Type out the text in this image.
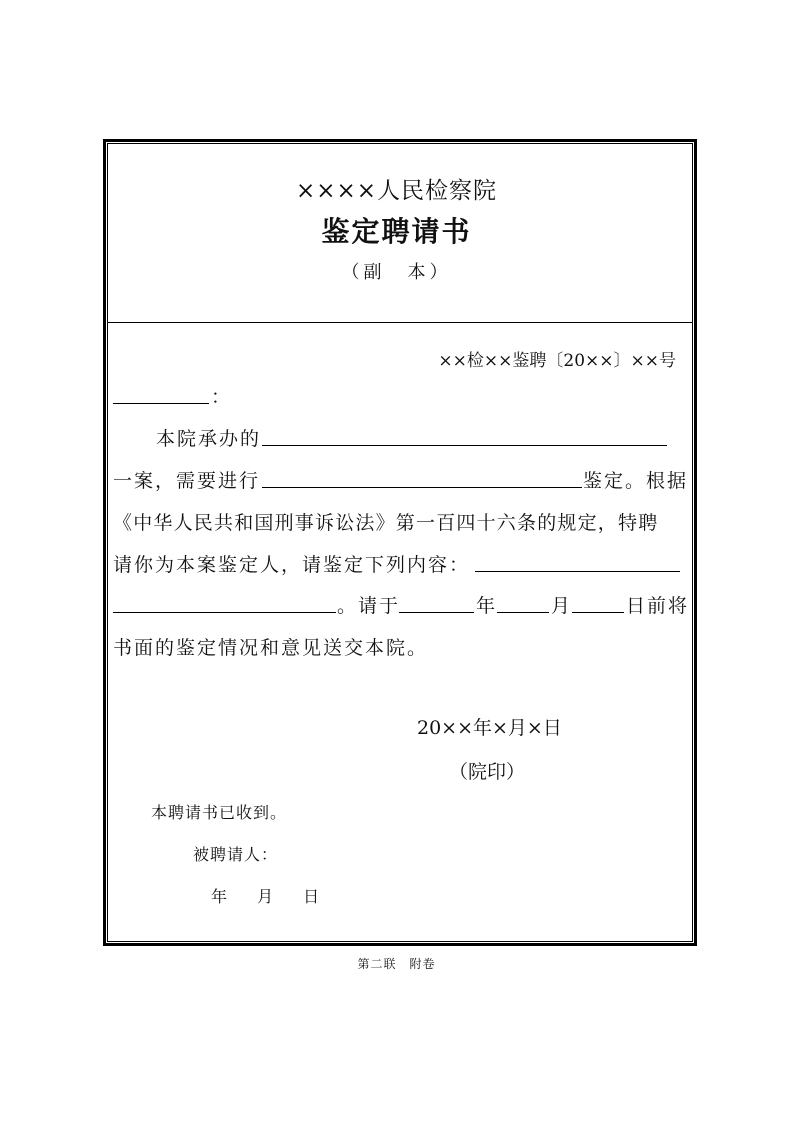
××××人民检察院
鉴定聘请书
（副　本）
××检××鉴聘〔20××〕××号
：
本院承办的
一案，需要进行	鉴定。根据
《中华人民共和国刑事诉讼法》第一百四十六条的规定，特聘
请你为本案鉴定人，请鉴定下列内容：
。请于	年	月	日前将
书面的鉴定情况和意见送交本院。
20××年×月×日
（院印）
本聘请书已收到。
被聘请人：
年　 月　 日
第二联　附卷
